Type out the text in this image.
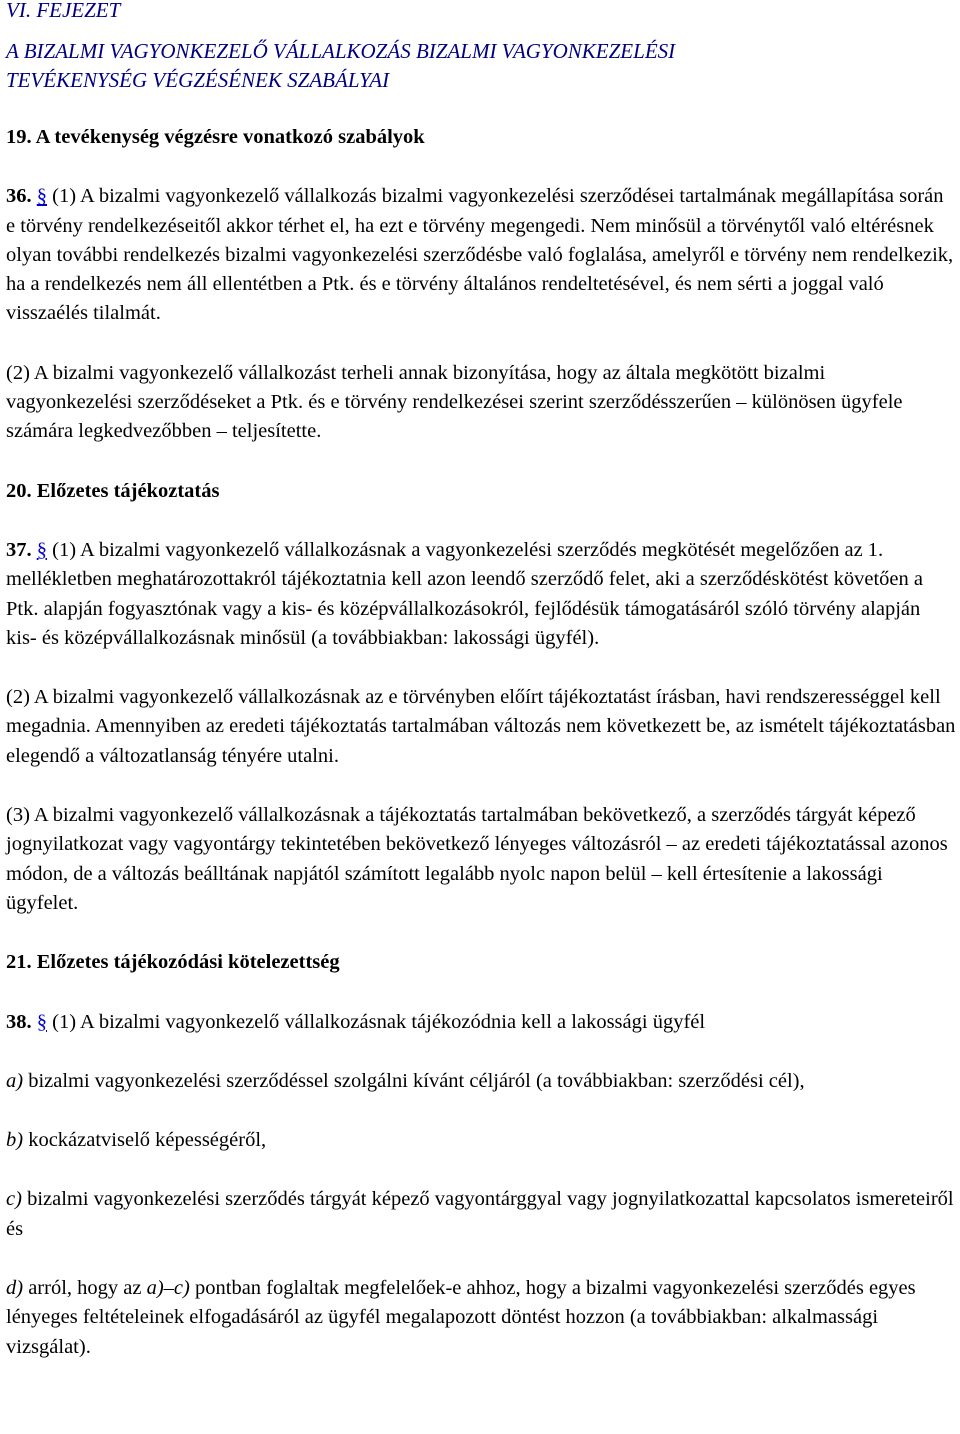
VI. FEJEZET
A BIZALMI VAGYONKEZELŐ VÁLLALKOZÁS BIZALMI VAGYONKEZELÉSI
TEVÉKENYSÉG VÉGZÉSÉNEK SZABÁLYAI
19. A tevékenység végzésre vonatkozó szabályok

36. § (1) A bizalmi vagyonkezelő vállalkozás bizalmi vagyonkezelési szerződései tartalmának megállapítása során e törvény rendelkezéseitől akkor térhet el, ha ezt e törvény megengedi. Nem minősül a törvénytől való eltérésnek olyan további rendelkezés bizalmi vagyonkezelési szerződésbe való foglalása, amelyről e törvény nem rendelkezik, ha a rendelkezés nem áll ellentétben a Ptk. és e törvény általános rendeltetésével, és nem sérti a joggal való visszaélés tilalmát.

(2) A bizalmi vagyonkezelő vállalkozást terheli annak bizonyítása, hogy az általa megkötött bizalmi vagyonkezelési szerződéseket a Ptk. és e törvény rendelkezései szerint szerződésszerűen – különösen ügyfele számára legkedvezőbben – teljesítette.

20. Előzetes tájékoztatás

37. § (1) A bizalmi vagyonkezelő vállalkozásnak a vagyonkezelési szerződés megkötését megelőzően az 1. mellékletben meghatározottakról tájékoztatnia kell azon leendő szerződő felet, aki a szerződéskötést követően a Ptk. alapján fogyasztónak vagy a kis- és középvállalkozásokról, fejlődésük támogatásáról szóló törvény alapján kis- és középvállalkozásnak minősül (a továbbiakban: lakossági ügyfél).

(2) A bizalmi vagyonkezelő vállalkozásnak az e törvényben előírt tájékoztatást írásban, havi rendszerességgel kell megadnia. Amennyiben az eredeti tájékoztatás tartalmában változás nem következett be, az ismételt tájékoztatásban elegendő a változatlanság tényére utalni.

(3) A bizalmi vagyonkezelő vállalkozásnak a tájékoztatás tartalmában bekövetkező, a szerződés tárgyát képező jognyilatkozat vagy vagyontárgy tekintetében bekövetkező lényeges változásról – az eredeti tájékoztatással azonos módon, de a változás beálltának napjától számított legalább nyolc napon belül – kell értesítenie a lakossági ügyfelet.

21. Előzetes tájékozódási kötelezettség

38. § (1) A bizalmi vagyonkezelő vállalkozásnak tájékozódnia kell a lakossági ügyfél

a) bizalmi vagyonkezelési szerződéssel szolgálni kívánt céljáról (a továbbiakban: szerződési cél),

b) kockázatviselő képességéről,

c) bizalmi vagyonkezelési szerződés tárgyát képező vagyontárggyal vagy jognyilatkozattal kapcsolatos ismereteiről és

d) arról, hogy az a)–c) pontban foglaltak megfelelőek-e ahhoz, hogy a bizalmi vagyonkezelési szerződés egyes lényeges feltételeinek elfogadásáról az ügyfél megalapozott döntést hozzon (a továbbiakban: alkalmassági vizsgálat).
